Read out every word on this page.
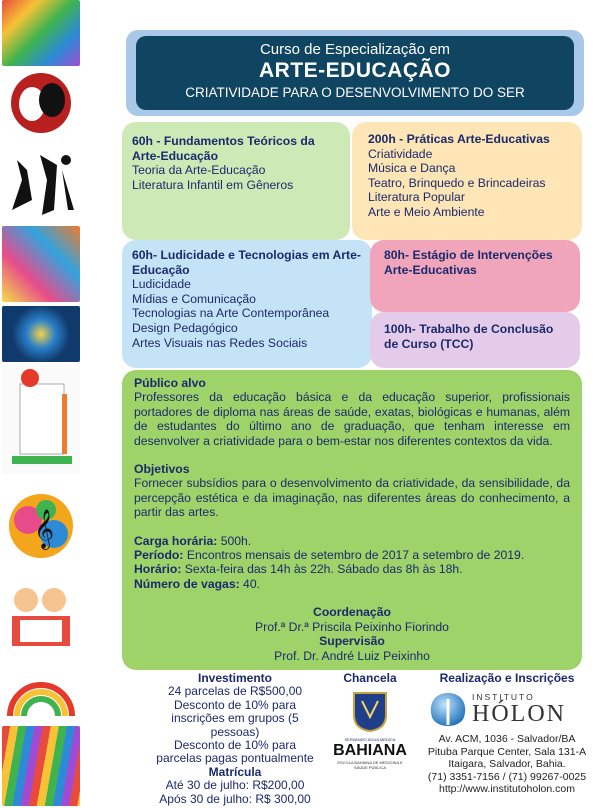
𝄞
Curso de Especialização em
ARTE-EDUCAÇÃO
CRIATIVIDADE PARA O DESENVOLVIMENTO DO SER
60h - Fundamentos Teóricos da Arte-Educação
Teoria da Arte-Educação
Literatura Infantil em Gêneros
200h - Práticas Arte-Educativas
Criatividade
Música e Dança
Teatro, Brinquedo e Brincadeiras
Literatura Popular
Arte e Meio Ambiente
60h- Ludicidade e Tecnologias em Arte-Educação
Ludicidade
Mídias e Comunicação
Tecnologias na Arte Contemporânea
Design Pedagógico
Artes Visuais nas Redes Sociais
80h- Estágio de Intervenções Arte-Educativas
100h- Trabalho de Conclusão de Curso (TCC)
Público alvo
Professores da educação básica e da educação superior, profissionais portadores de diploma nas áreas de saúde, exatas, biológicas e humanas, além de estudantes do último ano de graduação, que tenham interesse em desenvolver a criatividade para o bem-estar nos diferentes contextos da vida.
Objetivos
Fornecer subsídios para o desenvolvimento da criatividade, da sensibilidade, da percepção estética e da imaginação, nas diferentes áreas do conhecimento, a partir das artes.
Carga horária: 500h.
Período: Encontros mensais de setembro de 2017 a setembro de 2019.
Horário: Sexta-feira das 14h às 22h. Sábado das 8h às 18h.
Número de vagas: 40.
Coordenação
Prof.ª Dr.ª Priscila Peixinho Fiorindo
Supervisão
Prof. Dr. André Luiz Peixinho
Investimento
24 parcelas de R$500,00
Desconto de 10% para inscrições em grupos (5 pessoas)
Desconto de 10% para parcelas pagas pontualmente
Matrícula
Até 30 de julho: R$200,00
Após 30 de julho: R$ 300,00
Chancela
SERVANDO ÁGUA MEDICA
BAHIANA
ESCOLA BAHIANA DE MEDICINA E SAÚDE PÚBLICA
Realização e Inscrições
INSTITUTO
HÓLON
Av. ACM, 1036 - Salvador/BA
Pituba Parque Center, Sala 131-A
Itaigara, Salvador, Bahia.
(71) 3351-7156 / (71) 99267-0025
http://www.institutoholon.com
